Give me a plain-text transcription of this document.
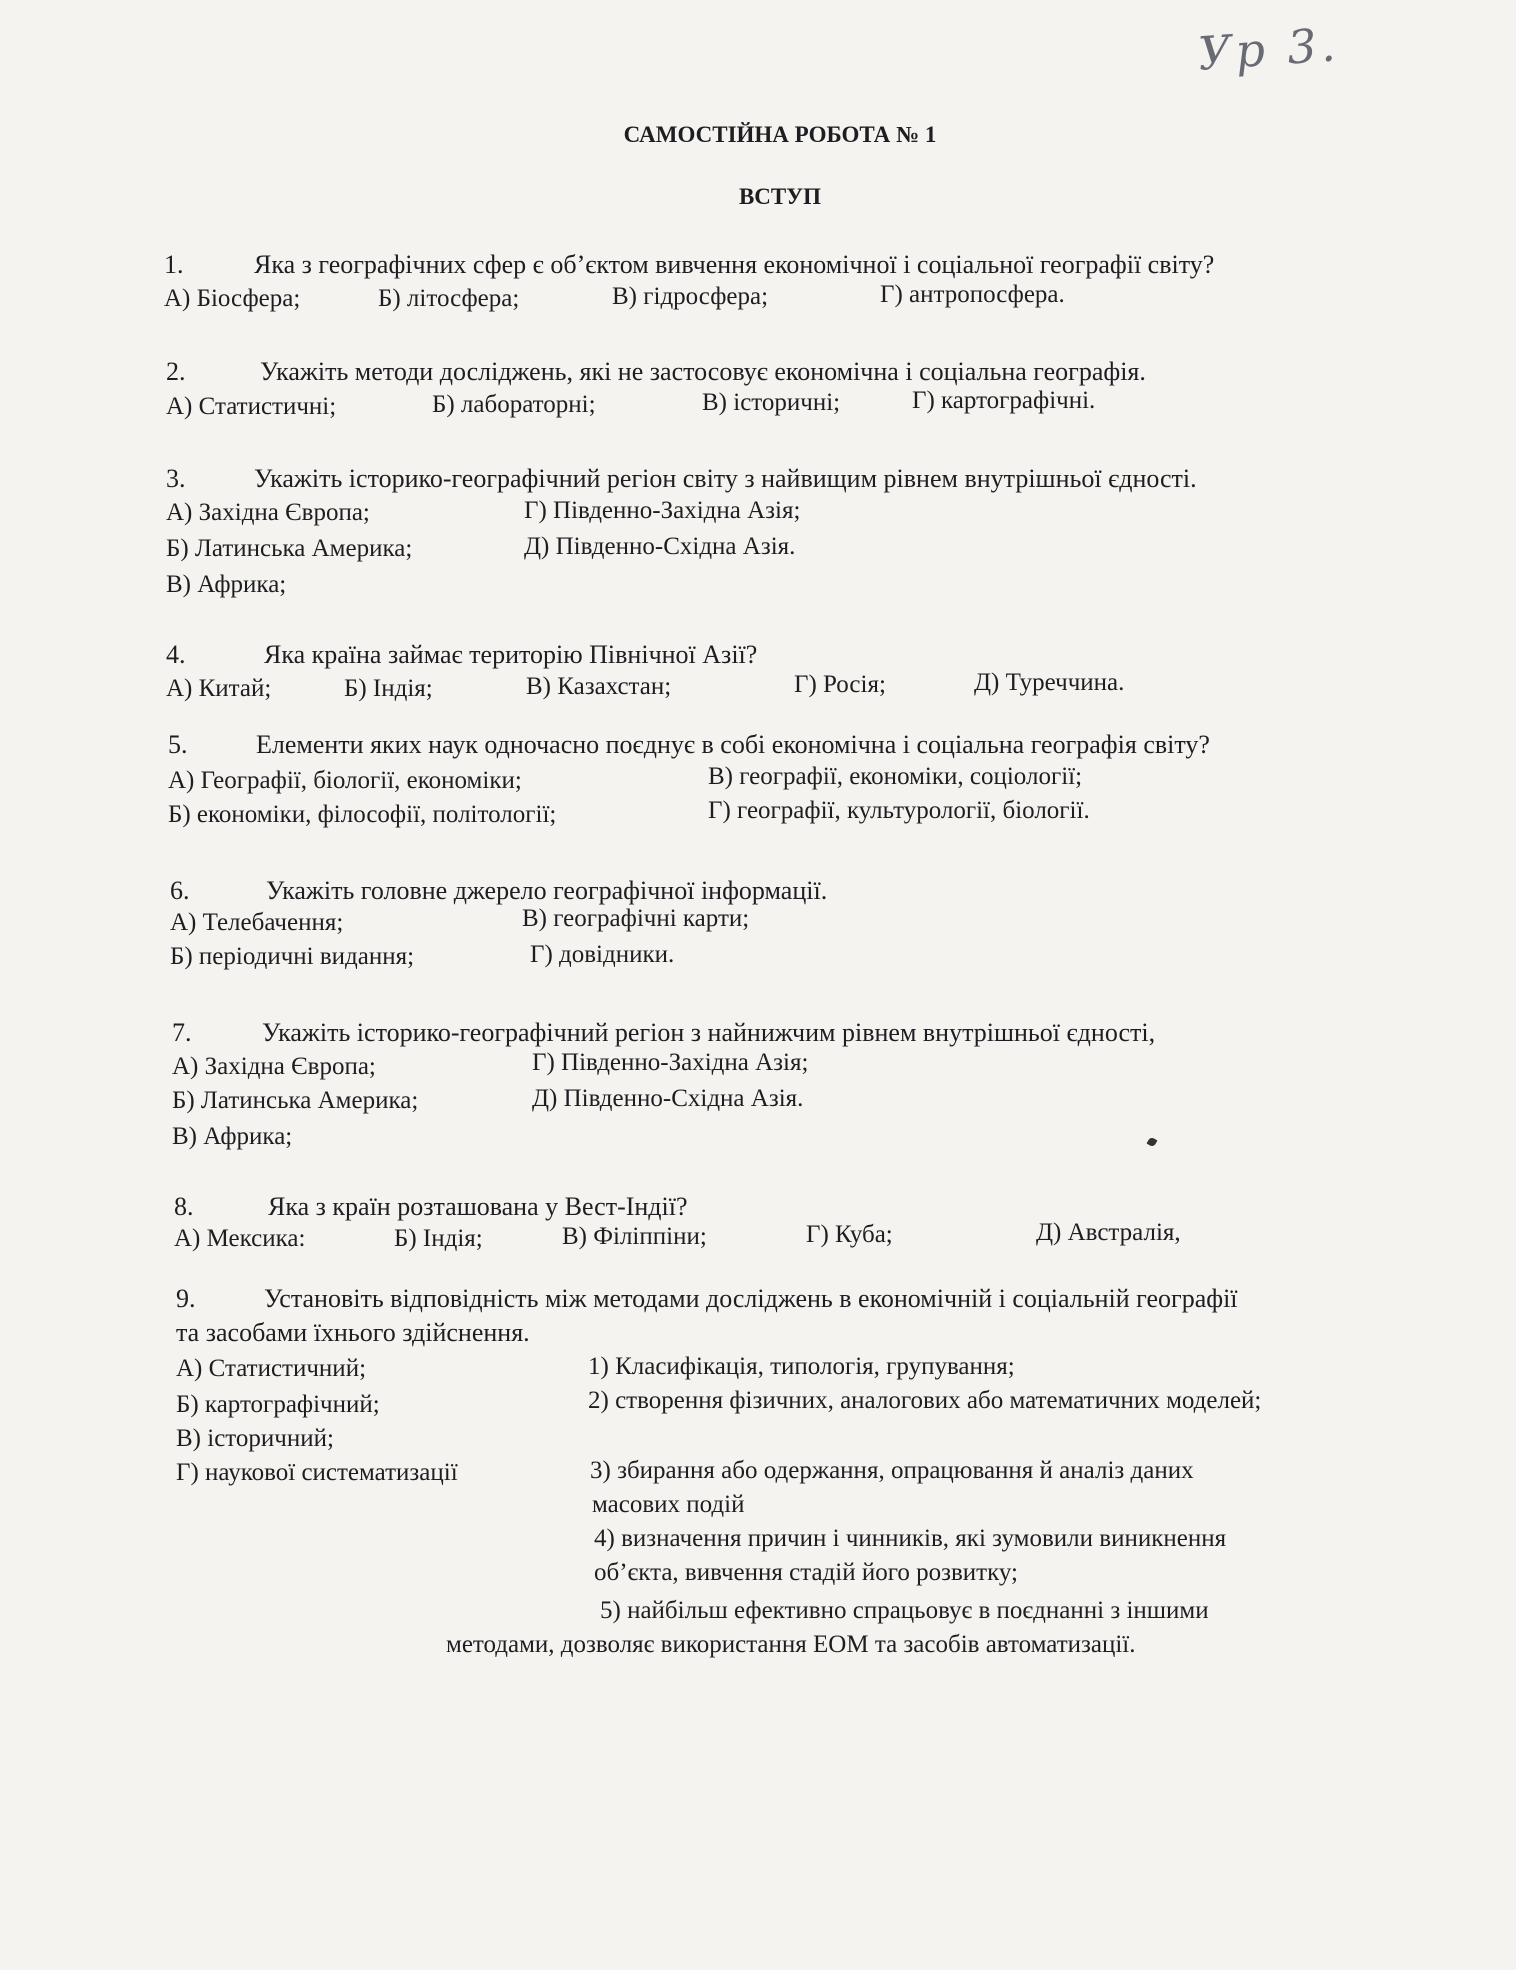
Ур 3.
САМОСТІЙНА РОБОТА № 1
ВСТУП
1.	Яка з географічних сфер є об’єктом вивчення економічної і соціальної географії світу?
А) Біосфера;	Б) літосфера;	В) гідросфера;	Г) антропосфера.
2.	Укажіть методи досліджень, які не застосовує економічна і соціальна географія.
А) Статистичні;	Б) лабораторні;	В) історичні;	Г) картографічні.
3.	Укажіть історико-географічний регіон світу з найвищим рівнем внутрішньої єдності.
А) Західна Європа;	Г) Південно-Західна Азія;
Б) Латинська Америка;	Д) Південно-Східна Азія.
В) Африка;
4.	Яка країна займає територію Північної Азії?
А) Китай;	Б) Індія;	В) Казахстан;	Г) Росія;	Д) Туреччина.
5.	Елементи яких наук одночасно поєднує в собі економічна і соціальна географія світу?
А) Географії, біології, економіки;	В) географії, економіки, соціології;
Б) економіки, філософії, політології;	Г) географії, культурології, біології.
6.	Укажіть головне джерело географічної інформації.
А) Телебачення;	В) географічні карти;
Б) періодичні видання;	Г) довідники.
7.	Укажіть історико-географічний регіон з найнижчим рівнем внутрішньої єдності,
А) Західна Європа;	Г) Південно-Західна Азія;
Б) Латинська Америка;	Д) Південно-Східна Азія.
В) Африка;
8.	Яка з країн розташована у Вест-Індії?
А) Мексика:	Б) Індія;	В) Філіппіни;	Г) Куба;	Д) Австралія,
9.	Установіть відповідність між методами досліджень в економічній і соціальній географії
та засобами їхнього здійснення.
А) Статистичний;
Б) картографічний;
В) історичний;
Г) наукової систематизації
1) Класифікація, типологія, групування;
2) створення фізичних, аналогових або математичних моделей;
3) збирання або одержання, опрацювання й аналіз даних
масових подій
4) визначення причин і чинників, які зумовили виникнення
об’єкта, вивчення стадій його розвитку;
5) найбільш ефективно спрацьовує в поєднанні з іншими
методами, дозволяє використання ЕОМ та засобів автоматизації.
